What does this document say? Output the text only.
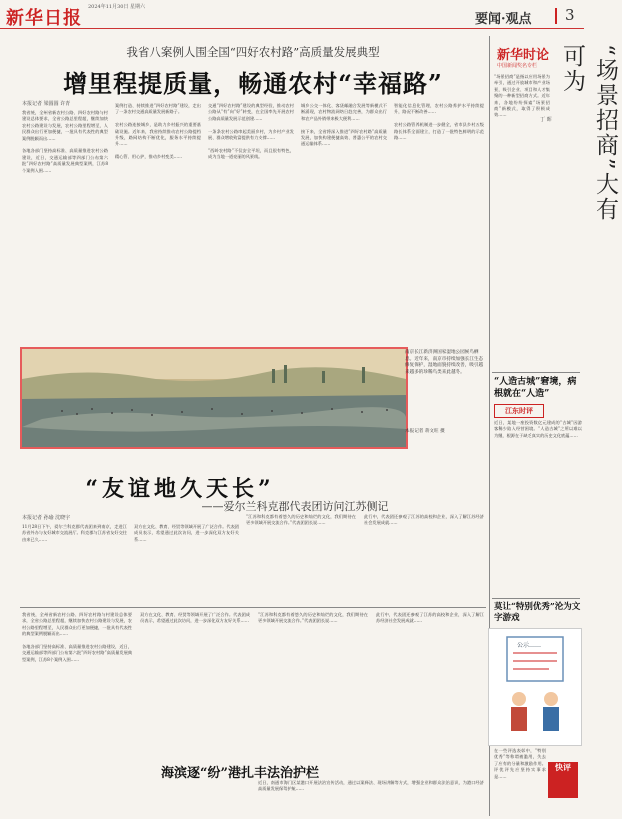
新华日报
2024年11月30日 星期六
要闻·观点 3
我省八案例人围全国“四好农村路”高质量发展典型
增里程提质量，畅通农村“幸福路”
本报记者 梁圆圆 许青
我省统，全州省新农村公路、四好农村路与村建设总体要求，全省公路总里程超，继续加快农村公路建设与发展，农村公路里程增至，人民群众出行更加便捷，一批具有代表性的典型案例脱颖而出……

各地各部门坚持高标准、高质量推进农村公路建设，近日，交通运输部等四部门公布第六批“四好农村路”高质量发展典型案例，江苏8个案例入围……
案例打造、持续推进“四好农村路”建设，走出了一条农村交通高质量发展新路子。

农村公路连接城乡，是助力乡村振兴的重要基础设施。近年来，我省持续推动农村公路提档升级，路网结构不断优化，服务水平持续提升……

精心管、用心护，推动乡村变美……
交通“四好农村路”建设的典型经验，推动农村公路从“有”向“好”转变，在全国率先开展农村公路高质量发展示范创建……

一条条农村公路串起美丽乡村，为乡村产业发展、群众增收致富提供有力支撑……

“西岭农村路”不仅安全平坦，而且很有特色，成为当地一道亮丽的风景线。
城乡公交一体化、客货邮融合发展等新模式不断涌现，农村物流网络日趋完善，为群众出行和农产品外销带来极大便利……

接下来，全省将深入推进“四好农村路”高质量发展，加快构建便捷高效、普惠公平的农村交通运输体系……
智能化信息化管理，农村公路养护水平持续提升，路况不断改善……

农村公路管养机制进一步健全，省市县乡村五级路长体系全面建立，打造了一批特色鲜明的示范路……
南京长江新济洲国家湿地公园候鸟栖息。近年来，南京市持续加强长江生态修复保护，湿地面貌持续改善，吸引越来越多的珍稀鸟类来此越冬。
本报记者 蒋文旺 摄
“友谊地久天长”
——爱尔兰科克郡代表团访问江苏侧记
本报记者 孙瑜 沈晓宇
11月28日下午，爱尔兰科克郡代表团来到南京，走进江苏省外办与友好城市交流展厅。科克郡与江苏省友好交往由来已久……
双方在文化、教育、经贸等领域开展了广泛合作。代表团成员表示，希望通过此次访问，进一步深化双方友好关系……
“江苏和科克都有着悠久的历史和灿烂的文化，我们期待在更多领域开展交流合作。”代表团团长说……
此行中，代表团还参观了江苏的高校和企业，深入了解江苏经济社会发展成就……
我省统，全州省新农村公路、四好农村路与村建设总体要求，全省公路总里程超，继续加快农村公路建设与发展，农村公路里程增至，人民群众出行更加便捷，一批具有代表性的典型案例脱颖而出……

各地各部门坚持高标准、高质量推进农村公路建设，近日，交通运输部等四部门公布第六批“四好农村路”高质量发展典型案例，江苏8个案例入围……
双方在文化、教育、经贸等领域开展了广泛合作。代表团成员表示，希望通过此次访问，进一步深化双方友好关系……
“江苏和科克都有着悠久的历史和灿烂的文化，我们期待在更多领域开展交流合作。”代表团团长说……
此行中，代表团还参观了江苏的高校和企业，深入了解江苏经济社会发展成就……
海滨逐“纷”港扎丰法治护栏
近日，南通市海门区某港口开展法治宣传活动，通过以案释法、现场讲解等方式，增强企业和群众法治意识，为港口经济高质量发展保驾护航……
新华时论
中国新闻奖名专栏	“场景招商”大有可为
丁 晖
“场景招商”是指以应用场景为牵引，通过开放城市和产业场景，吸引企业、项目和人才集聚的一种新型招商方式。近年来，各地纷纷探索“场景招商”新模式，取得了积极成效……
“人造古城”窘境，病根就在“人造”
江东时评
近日，某地一座投资数亿元建成的“古城”因游客稀少陷入经营困境。“人造古城”之所以难以为继，根源在于缺乏真实的历史文化底蕴……
莫让“特别优秀”沦为文字游戏
公示……
在一些评选表彰中，“特别优秀”等称谓被滥用，失去了应有的分量和激励作用。评优评先应坚持实事求是……
快评
